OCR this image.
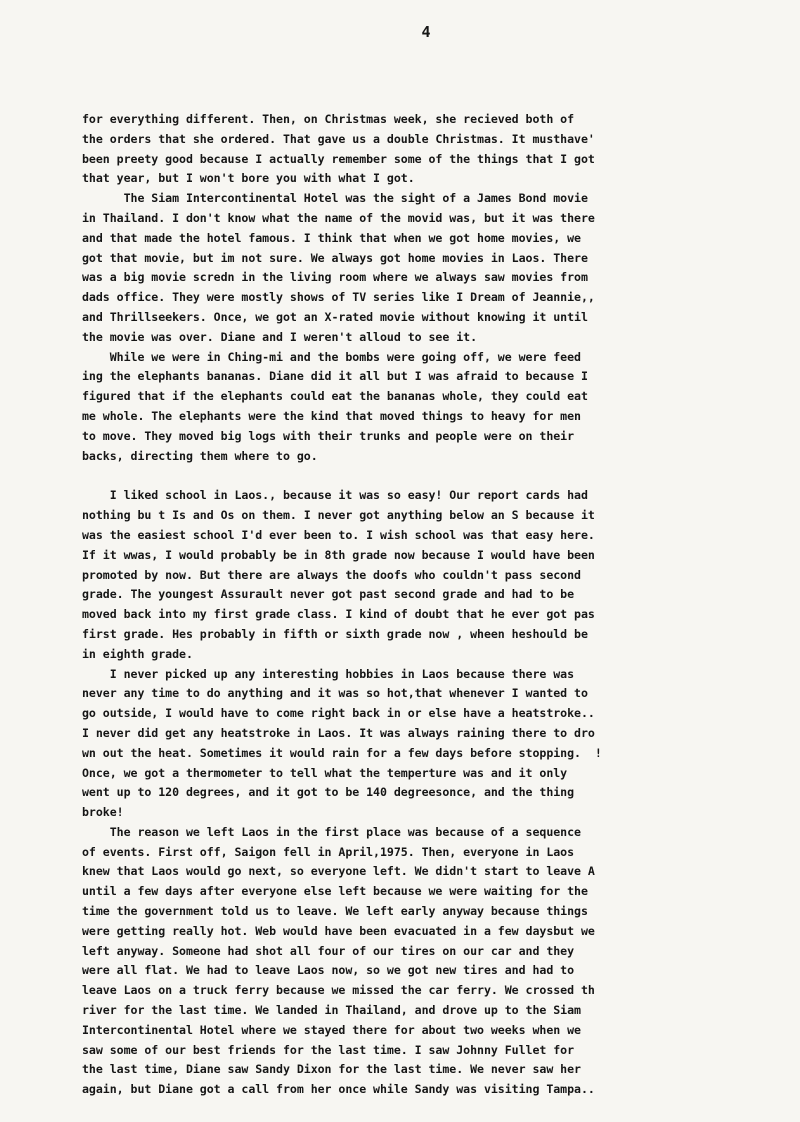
4

for everything different. Then, on Christmas week, she recieved both of
the orders that she ordered. That gave us a double Christmas. It musthave'
been preety good because I actually remember some of the things that I got
that year, but I won't bore you with what I got.

The Siam Intercontinental Hotel was the sight of a James Bond movie
in Thailand. I don't know what the name of the movid was, but it was there
and that made the hotel famous. I think that when we got home movies, we
got that movie, but im not sure. We always got home movies in Laos. There
was a big movie scredn in the living room where we always saw movies from
dads office. They were mostly shows of TV series like I Dream of Jeannie,,
and Thrillseekers. Once, we got an X-rated movie without knowing it until
the movie was over. Diane and I weren't alloud to see it.

While we were in Ching-mi and the bombs were going off, we were feed
ing the elephants bananas. Diane did it all but I was afraid to because I
figured that if the elephants could eat the bananas whole, they could eat
me whole. The elephants were the kind that moved things to heavy for men
to move. They moved big logs with their trunks and people were on their
backs, directing them where to go.

I liked school in Laos., because it was so easy! Our report cards had
nothing bu t Is and Os on them. I never got anything below an S because it
was the easiest school I'd ever been to. I wish school was that easy here.
If it wwas, I would probably be in 8th grade now because I would have been
promoted by now. But there are always the doofs who couldn't pass second
grade. The youngest Assurault never got past second grade and had to be
moved back into my first grade class. I kind of doubt that he ever got pas
first grade. Hes probably in fifth or sixth grade now , wheen heshould be
in eighth grade.

I never picked up any interesting hobbies in Laos because there was
never any time to do anything and it was so hot,that whenever I wanted to
go outside, I would have to come right back in or else have a heatstroke..
I never did get any heatstroke in Laos. It was always raining there to dro
wn out the heat. Sometimes it would rain for a few days before stopping.  !
Once, we got a thermometer to tell what the temperture was and it only
went up to 120 degrees, and it got to be 140 degreesonce, and the thing
broke!

The reason we left Laos in the first place was because of a sequence
of events. First off, Saigon fell in April,1975. Then, everyone in Laos
knew that Laos would go next, so everyone left. We didn't start to leave A
until a few days after everyone else left because we were waiting for the
time the government told us to leave. We left early anyway because things
were getting really hot. Web would have been evacuated in a few daysbut we
left anyway. Someone had shot all four of our tires on our car and they
were all flat. We had to leave Laos now, so we got new tires and had to
leave Laos on a truck ferry because we missed the car ferry. We crossed th
river for the last time. We landed in Thailand, and drove up to the Siam
Intercontinental Hotel where we stayed there for about two weeks when we
saw some of our best friends for the last time. I saw Johnny Fullet for
the last time, Diane saw Sandy Dixon for the last time. We never saw her
again, but Diane got a call from her once while Sandy was visiting Tampa..
